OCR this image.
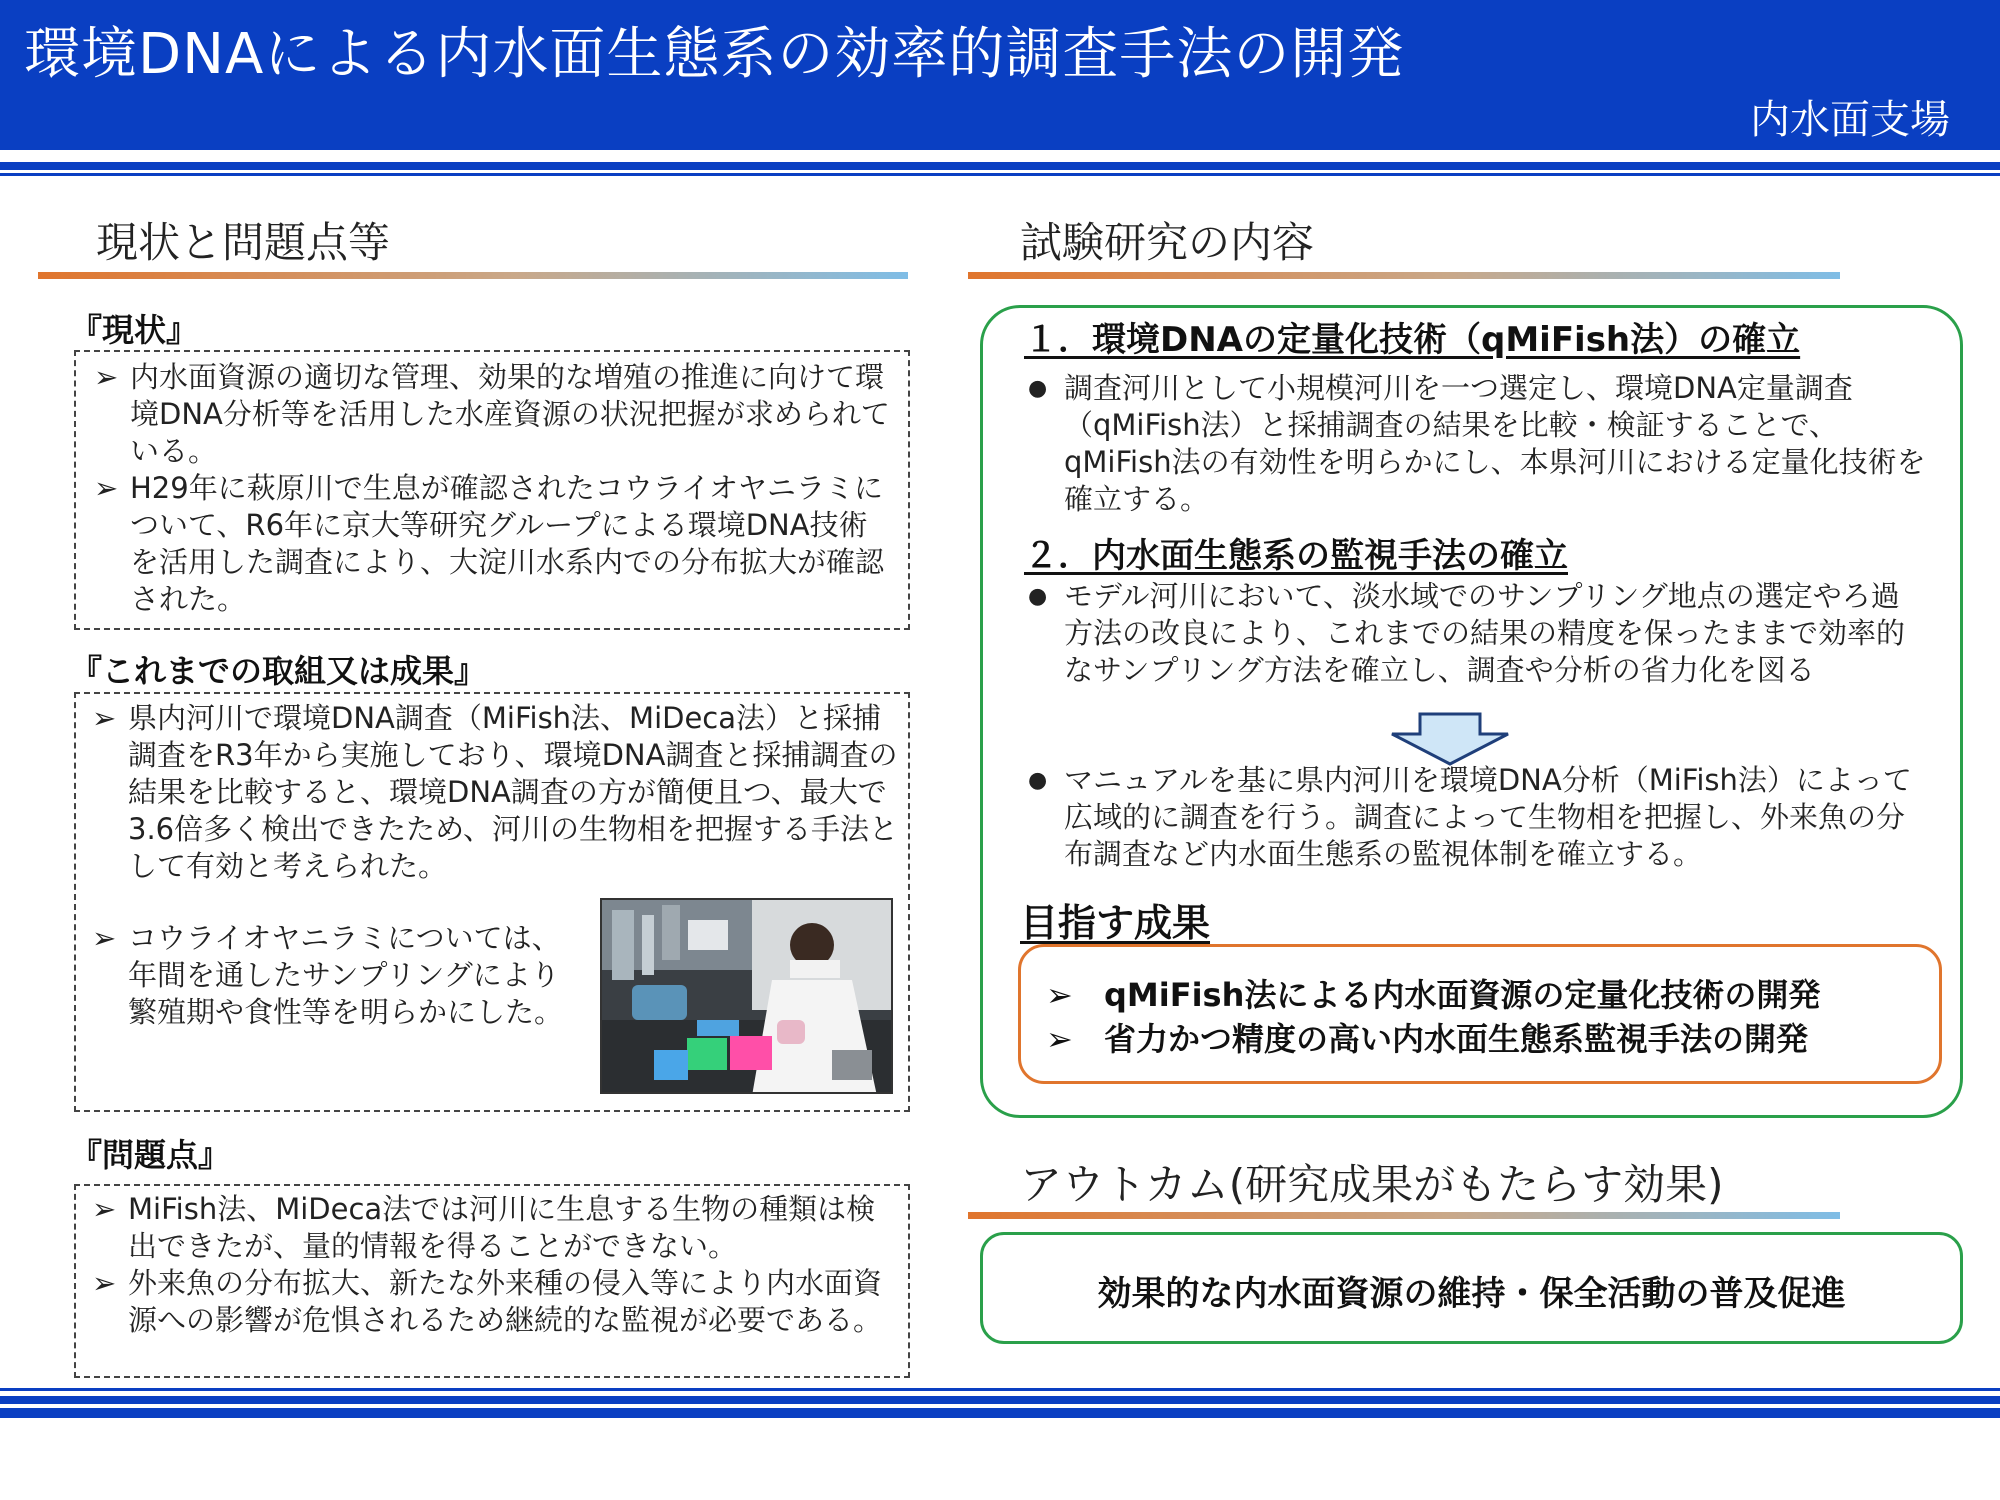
環境DNAによる内水面生態系の効率的調査手法の開発
内水面支場
現状と問題点等
『現状』
➢ 内水面資源の適切な管理、効果的な増殖の推進に向けて環境DNA分析等を活用した水産資源の状況把握が求められている。
➢ H29年に萩原川で生息が確認されたコウライオヤニラミについて、R6年に京大等研究グループによる環境DNA技術を活用した調査により、大淀川水系内での分布拡大が確認された。
『これまでの取組又は成果』
➢ 県内河川で環境DNA調査（MiFish法、MiDeca法）と採捕調査をR3年から実施しており、環境DNA調査と採捕調査の結果を比較すると、環境DNA調査の方が簡便且つ、最大で3.6倍多く検出できたため、河川の生物相を把握する手法として有効と考えられた。
➢ コウライオヤニラミについては、年間を通したサンプリングにより繁殖期や食性等を明らかにした。
『問題点』
➢ MiFish法、MiDeca法では河川に生息する生物の種類は検出できたが、量的情報を得ることができない。
➢ 外来魚の分布拡大、新たな外来種の侵入等により内水面資源への影響が危惧されるため継続的な監視が必要である。
試験研究の内容
１．環境DNAの定量化技術（qMiFish法）の確立
● 調査河川として小規模河川を一つ選定し、環境DNA定量調査（qMiFish法）と採捕調査の結果を比較・検証することで、qMiFish法の有効性を明らかにし、本県河川における定量化技術を確立する。
２．内水面生態系の監視手法の確立
● モデル河川において、淡水域でのサンプリング地点の選定やろ過方法の改良により、これまでの結果の精度を保ったままで効率的なサンプリング方法を確立し、調査や分析の省力化を図る
● マニュアルを基に県内河川を環境DNA分析（MiFish法）によって広域的に調査を行う。調査によって生物相を把握し、外来魚の分布調査など内水面生態系の監視体制を確立する。
目指す成果
➢ qMiFish法による内水面資源の定量化技術の開発
➢ 省力かつ精度の高い内水面生態系監視手法の開発
アウトカム(研究成果がもたらす効果)
効果的な内水面資源の維持・保全活動の普及促進
